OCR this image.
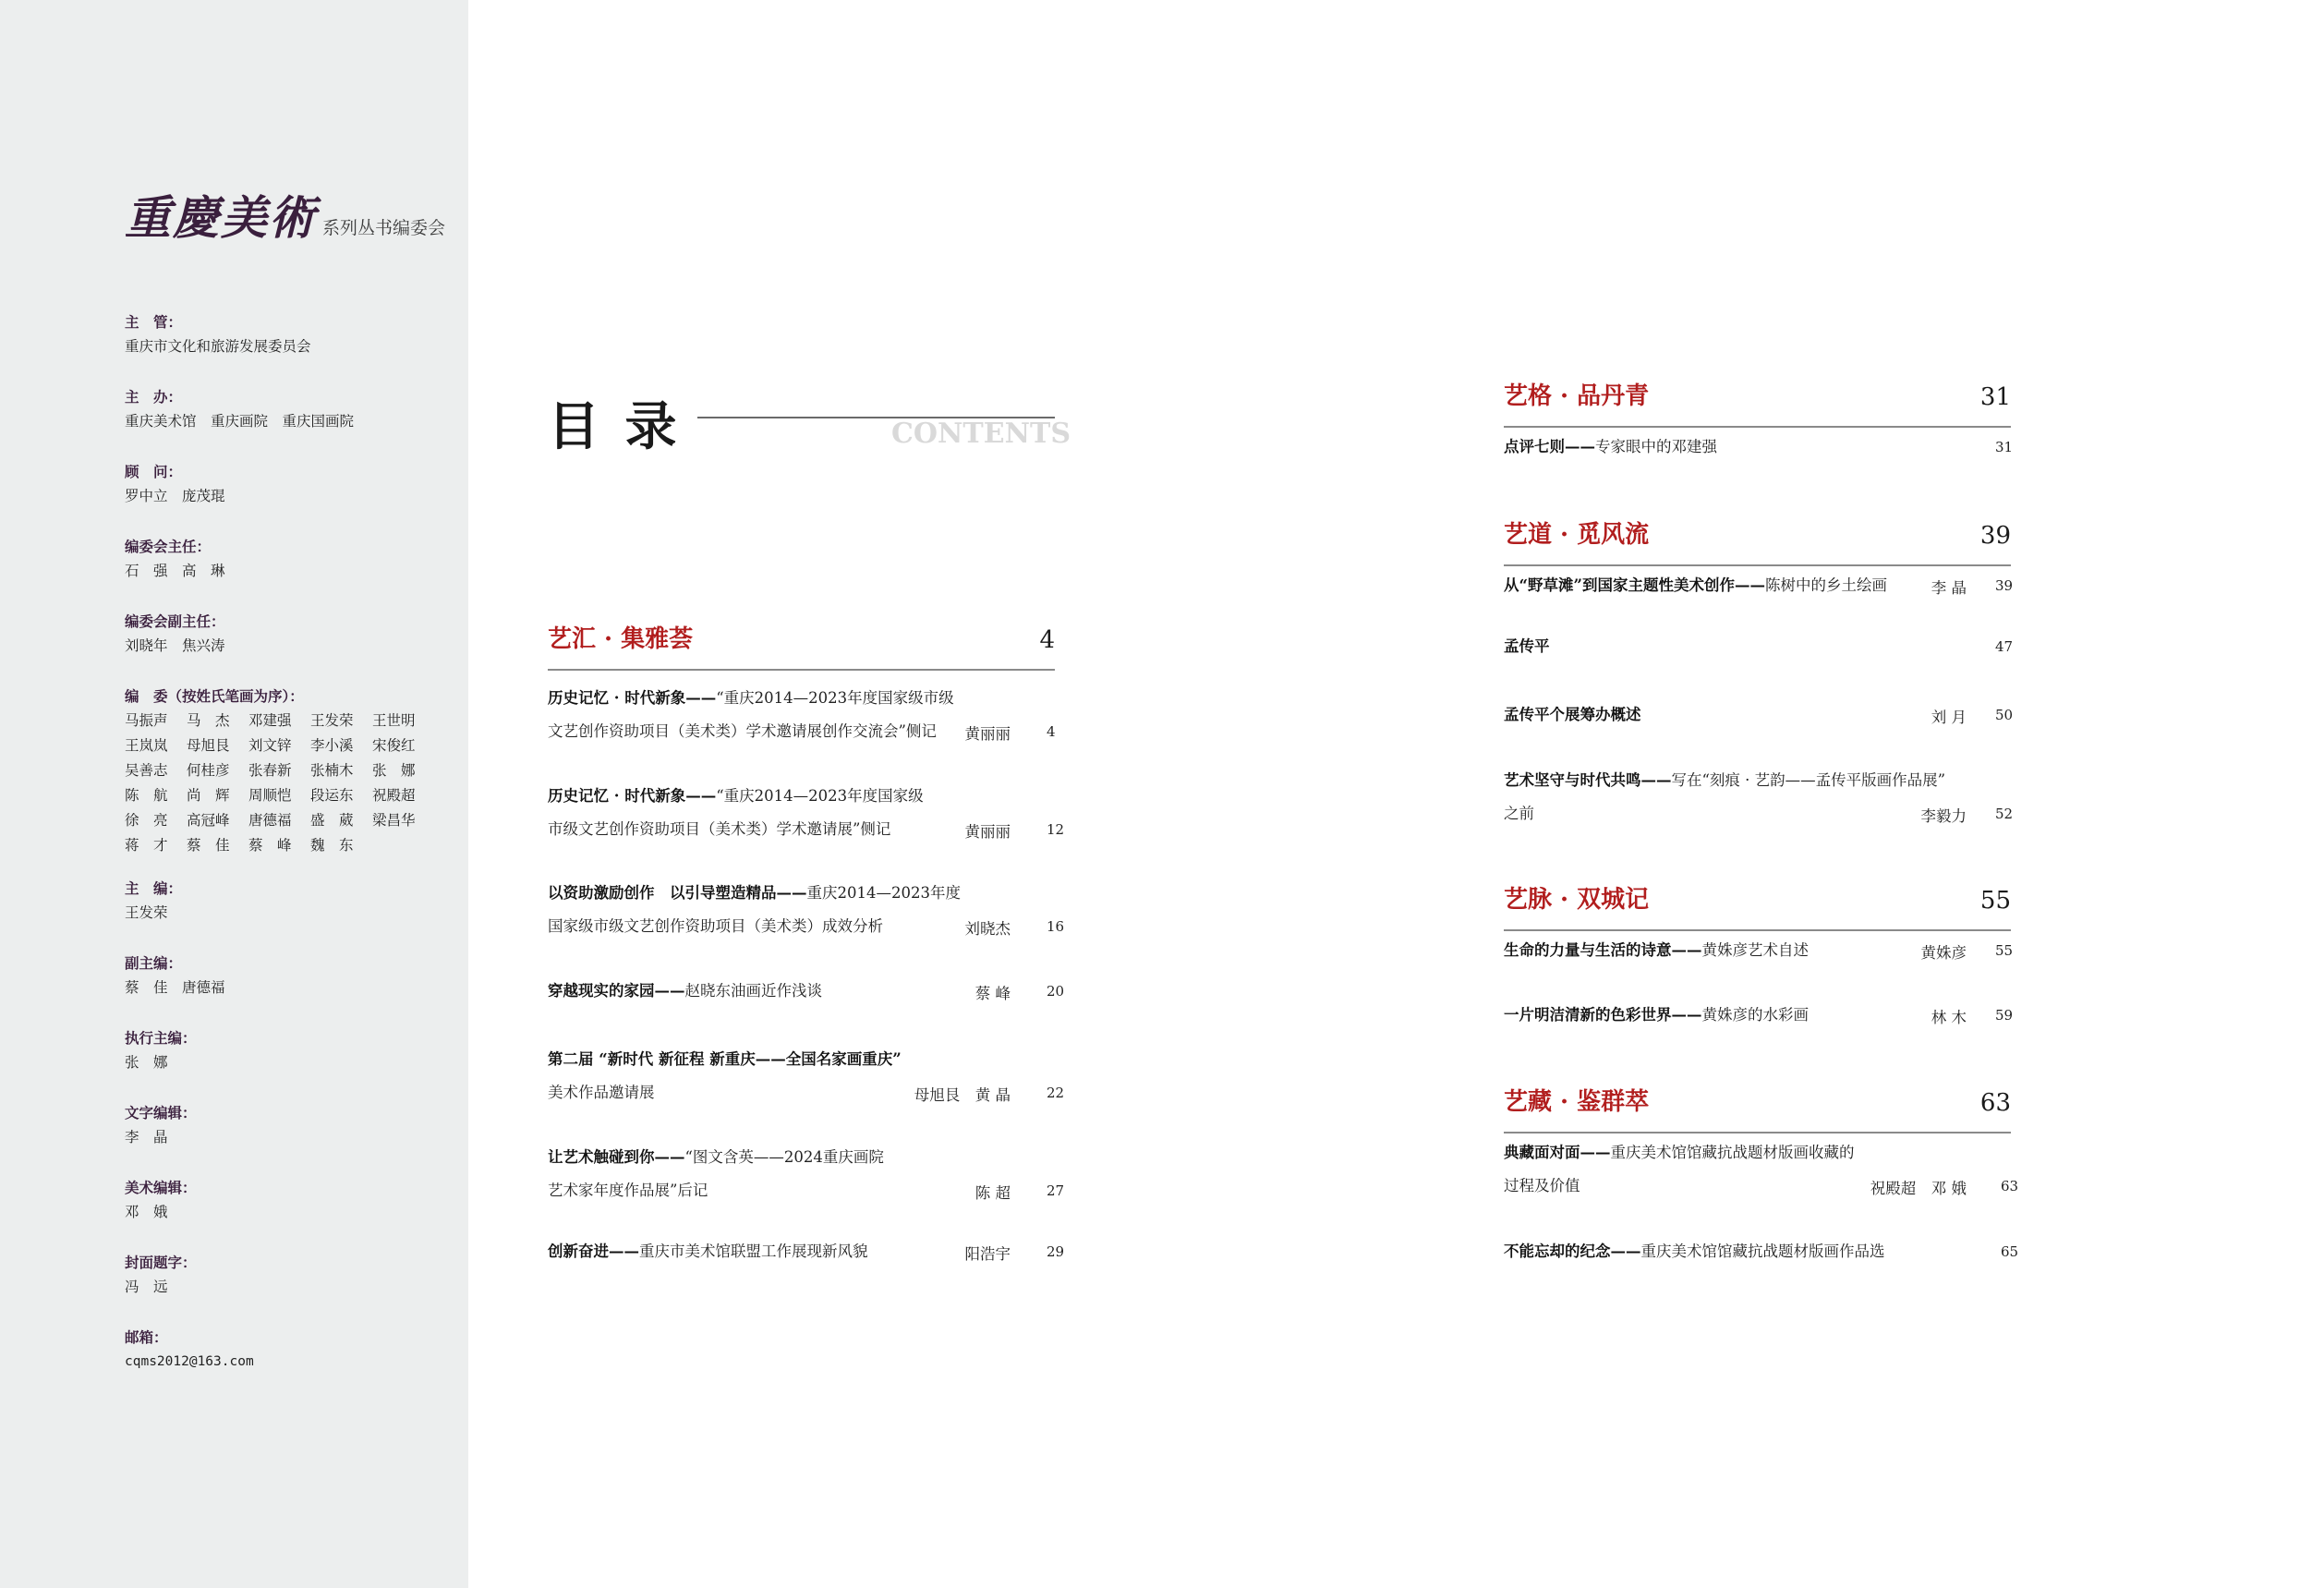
重慶美術 系列丛书编委会
主　管：
重庆市文化和旅游发展委员会
主　办：
重庆美术馆　重庆画院　重庆国画院
顾　问：
罗中立　庞茂琨
编委会主任：
石　强　高　琳
编委会副主任：
刘晓年　焦兴涛
编　委（按姓氏笔画为序）：
马振声	马　杰	邓建强	王发荣	王世明
王岚岚	母旭艮	刘文锌	李小溪	宋俊红
吴善志	何桂彦	张春新	张楠木	张　娜
陈　航	尚　辉	周顺恺	段运东	祝殿超
徐　亮	高冠峰	唐德福	盛　葳	梁昌华
蒋　才	蔡　佳	蔡　峰	魏　东
主　编：
王发荣
副主编：
蔡　佳　唐德福
执行主编：
张　娜
文字编辑：
李　晶
美术编辑：
邓　娥
封面题字：
冯　远
邮箱：
cqms2012@163.com
目 录	CONTENTS
艺汇 · 集雅荟	4
历史记忆 · 时代新象——“重庆2014—2023年度国家级市级
文艺创作资助项目（美术类）学术邀请展创作交流会”侧记	黄丽丽	4
历史记忆 · 时代新象——“重庆2014—2023年度国家级
市级文艺创作资助项目（美术类）学术邀请展”侧记	黄丽丽	12
以资助激励创作　以引导塑造精品——重庆2014—2023年度
国家级市级文艺创作资助项目（美术类）成效分析	刘晓杰	16
穿越现实的家园——赵晓东油画近作浅谈	蔡 峰	20
第二届 “新时代 新征程 新重庆——全国名家画重庆”
美术作品邀请展	母旭艮　黄 晶	22
让艺术触碰到你——“图文含英——2024重庆画院
艺术家年度作品展”后记	陈 超	27
创新奋进——重庆市美术馆联盟工作展现新风貌	阳浩宇	29
艺格 · 品丹青	31
点评七则——专家眼中的邓建强	31
艺道 · 觅风流	39
从“野草滩”到国家主题性美术创作——陈树中的乡土绘画	李 晶 39
孟传平	47
孟传平个展筹办概述	刘 月 50
艺术坚守与时代共鸣——写在“刻痕 · 艺韵——孟传平版画作品展”
之前	李毅力 52
艺脉 · 双城记	55
生命的力量与生活的诗意——黄姝彦艺术自述	黄姝彦 55
一片明洁清新的色彩世界——黄姝彦的水彩画	林 木 59
艺藏 · 鉴群萃	63
典藏面对面——重庆美术馆馆藏抗战题材版画收藏的
过程及价值	祝殿超　邓 娥 63
不能忘却的纪念——重庆美术馆馆藏抗战题材版画作品选	65
